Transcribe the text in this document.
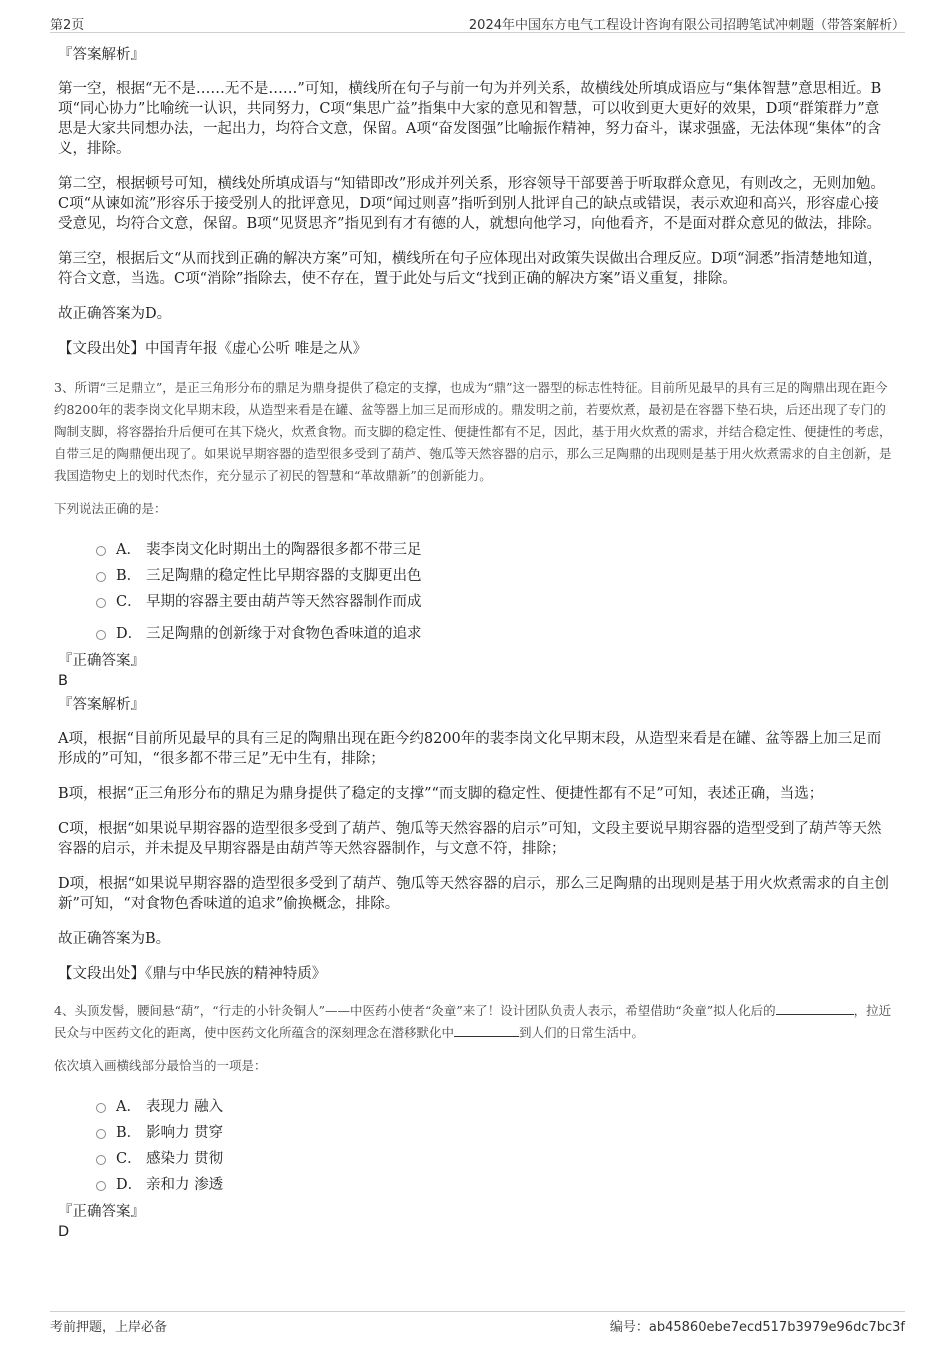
第2页	2024年中国东方电气工程设计咨询有限公司招聘笔试冲刺题（带答案解析）
『答案解析』

第一空，根据“无不是……无不是……”可知，横线所在句子与前一句为并列关系，故横线处所填成语应与“集体智慧”意思相近。B项“同心协力”比喻统一认识，共同努力，C项“集思广益”指集中大家的意见和智慧，可以收到更大更好的效果，D项“群策群力”意思是大家共同想办法，一起出力，均符合文意，保留。A项“奋发图强”比喻振作精神，努力奋斗，谋求强盛，无法体现“集体”的含义，排除。

第二空，根据顿号可知，横线处所填成语与“知错即改”形成并列关系，形容领导干部要善于听取群众意见，有则改之，无则加勉。C项“从谏如流”形容乐于接受别人的批评意见，D项“闻过则喜”指听到别人批评自己的缺点或错误，表示欢迎和高兴，形容虚心接受意见，均符合文意，保留。B项“见贤思齐”指见到有才有德的人，就想向他学习，向他看齐，不是面对群众意见的做法，排除。

第三空，根据后文“从而找到正确的解决方案”可知，横线所在句子应体现出对政策失误做出合理反应。D项“洞悉”指清楚地知道，符合文意，当选。C项“消除”指除去，使不存在，置于此处与后文“找到正确的解决方案”语义重复，排除。

故正确答案为D。

【文段出处】中国青年报《虚心公听 唯是之从》

3、所谓“三足鼎立”，是正三角形分布的鼎足为鼎身提供了稳定的支撑，也成为“鼎”这一器型的标志性特征。目前所见最早的具有三足的陶鼎出现在距今约8200年的裴李岗文化早期末段，从造型来看是在罐、盆等器上加三足而形成的。鼎发明之前，若要炊煮，最初是在容器下垫石块，后还出现了专门的陶制支脚，将容器抬升后便可在其下烧火，炊煮食物。而支脚的稳定性、便捷性都有不足，因此，基于用火炊煮的需求，并结合稳定性、便捷性的考虑，自带三足的陶鼎便出现了。如果说早期容器的造型很多受到了葫芦、匏瓜等天然容器的启示，那么三足陶鼎的出现则是基于用火炊煮需求的自主创新，是我国造物史上的划时代杰作，充分显示了初民的智慧和“革故鼎新”的创新能力。
下列说法正确的是：
A． 裴李岗文化时期出土的陶器很多都不带三足
B． 三足陶鼎的稳定性比早期容器的支脚更出色
C． 早期的容器主要由葫芦等天然容器制作而成
D． 三足陶鼎的创新缘于对食物色香味道的追求
『正确答案』
B
『答案解析』

A项，根据“目前所见最早的具有三足的陶鼎出现在距今约8200年的裴李岗文化早期末段，从造型来看是在罐、盆等器上加三足而形成的”可知，“很多都不带三足”无中生有，排除；

B项，根据“正三角形分布的鼎足为鼎身提供了稳定的支撑”“而支脚的稳定性、便捷性都有不足”可知，表述正确，当选；

C项，根据“如果说早期容器的造型很多受到了葫芦、匏瓜等天然容器的启示”可知，文段主要说早期容器的造型受到了葫芦等天然容器的启示，并未提及早期容器是由葫芦等天然容器制作，与文意不符，排除；

D项，根据“如果说早期容器的造型很多受到了葫芦、匏瓜等天然容器的启示，那么三足陶鼎的出现则是基于用火炊煮需求的自主创新”可知，“对食物色香味道的追求”偷换概念，排除。

故正确答案为B。

【文段出处】《鼎与中华民族的精神特质》

4、头顶发髻，腰间悬“葫”，“行走的小针灸铜人”——中医药小使者“灸童”来了！设计团队负责人表示，希望借助“灸童”拟人化后的	，拉近民众与中医药文化的距离，使中医药文化所蕴含的深刻理念在潜移默化中	到人们的日常生活中。
依次填入画横线部分最恰当的一项是：
A． 表现力 融入
B． 影响力 贯穿
C． 感染力 贯彻
D． 亲和力 渗透
『正确答案』
D
考前押题，上岸必备	编号：ab45860ebe7ecd517b3979e96dc7bc3f
